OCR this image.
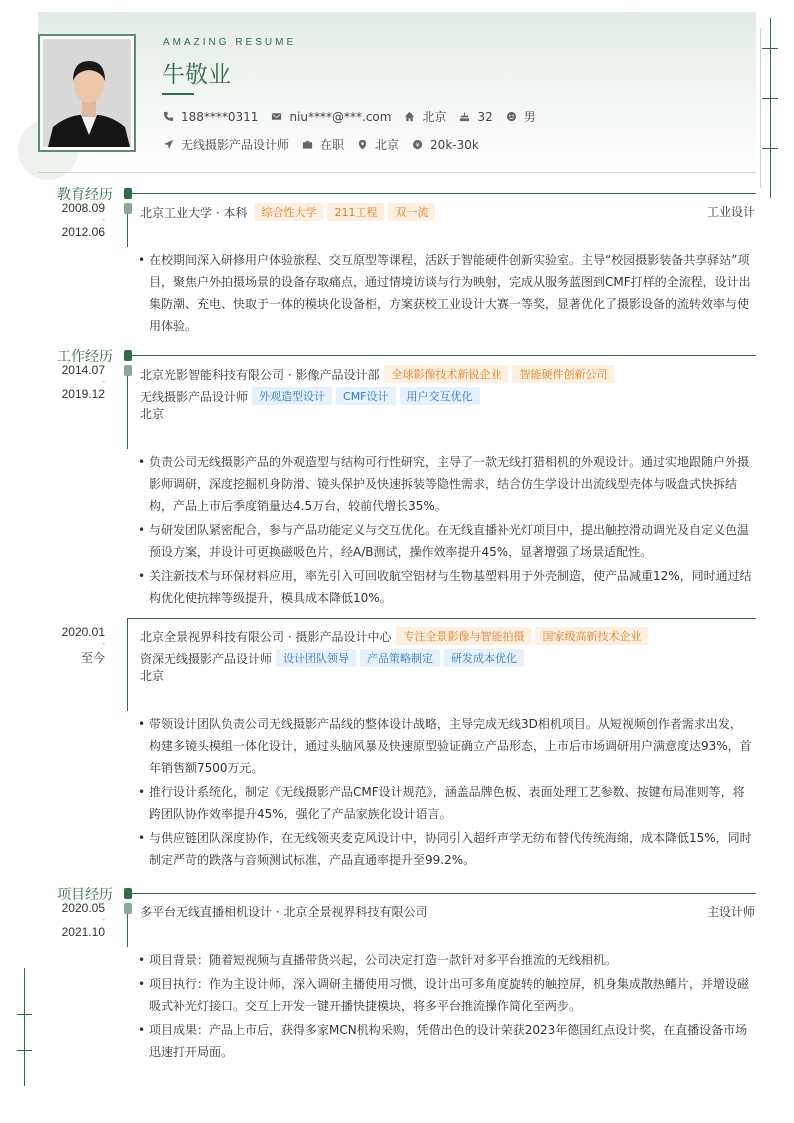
AMAZING RESUME
牛敬业
188****0311	niu****@***.com	北京	32	男
无线摄影产品设计师	在职	北京 ¥ 20k-30k
教育经历
2008.09
-
2012.06
北京工业大学 · 本科	综合性大学	211工程	双一流	工业设计
• 在校期间深入研修用户体验旅程、交互原型等课程，活跃于智能硬件创新实验室。主导“校园摄影装备共享驿站”项目，聚焦户外拍摄场景的设备存取痛点，通过情境访谈与行为映射，完成从服务蓝图到CMF打样的全流程，设计出集防潮、充电、快取于一体的模块化设备柜，方案获校工业设计大赛一等奖，显著优化了摄影设备的流转效率与使用体验。
工作经历
2014.07
-
2019.12
北京光影智能科技有限公司 · 影像产品设计部	全球影像技术新锐企业	智能硬件创新公司
无线摄影产品设计师	外观造型设计	CMF设计	用户交互优化
北京
• 负责公司无线摄影产品的外观造型与结构可行性研究，主导了一款无线打猎相机的外观设计。通过实地跟随户外摄影师调研，深度挖掘机身防滑、镜头保护及快速拆装等隐性需求，结合仿生学设计出流线型壳体与吸盘式快拆结构，产品上市后季度销量达4.5万台，较前代增长35%。
• 与研发团队紧密配合，参与产品功能定义与交互优化。在无线直播补光灯项目中，提出触控滑动调光及自定义色温预设方案，并设计可更换磁吸色片，经A/B测试，操作效率提升45%，显著增强了场景适配性。
• 关注新技术与环保材料应用，率先引入可回收航空铝材与生物基塑料用于外壳制造，使产品减重12%，同时通过结构优化使抗摔等级提升，模具成本降低10%。
2020.01
-
至今
北京全景视界科技有限公司 · 摄影产品设计中心	专注全景影像与智能拍摄	国家级高新技术企业
资深无线摄影产品设计师	设计团队领导	产品策略制定	研发成本优化
北京
• 带领设计团队负责公司无线摄影产品线的整体设计战略，主导完成无线3D相机项目。从短视频创作者需求出发，构建多镜头模组一体化设计，通过头脑风暴及快速原型验证确立产品形态，上市后市场调研用户满意度达93%，首年销售额7500万元。
• 推行设计系统化，制定《无线摄影产品CMF设计规范》，涵盖品牌色板、表面处理工艺参数、按键布局准则等，将跨团队协作效率提升45%，强化了产品家族化设计语言。
• 与供应链团队深度协作，在无线领夹麦克风设计中，协同引入超纤声学无纺布替代传统海绵，成本降低15%，同时制定严苛的跌落与音频测试标准，产品直通率提升至99.2%。
项目经历
2020.05
-
2021.10
多平台无线直播相机设计 · 北京全景视界科技有限公司	主设计师
• 项目背景：随着短视频与直播带货兴起，公司决定打造一款针对多平台推流的无线相机。
• 项目执行：作为主设计师，深入调研主播使用习惯，设计出可多角度旋转的触控屏，机身集成散热鳍片，并增设磁吸式补光灯接口。交互上开发一键开播快捷模块，将多平台推流操作简化至两步。
• 项目成果：产品上市后，获得多家MCN机构采购，凭借出色的设计荣获2023年德国红点设计奖，在直播设备市场迅速打开局面。
